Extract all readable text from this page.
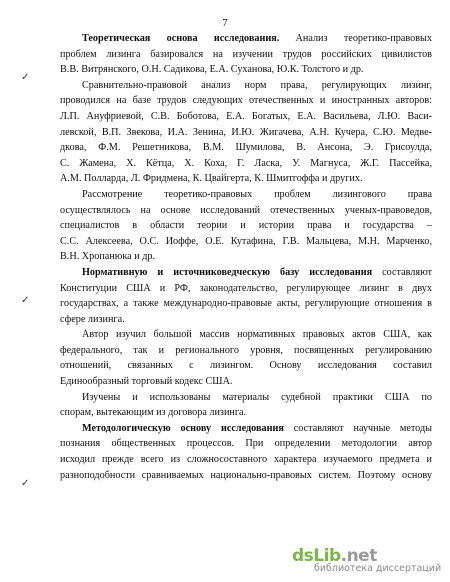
7
✓
✓
✓
Теоретическая основа исследования. Анализ теоретико-правовых
проблем лизинга базировался на изучении трудов российских цивилистов
В.В. Витрянского, О.Н. Садикова, Е.А. Суханова, Ю.К. Толстого и др.
Сравнительно-правовой анализ норм права, регулирующих лизинг,
проводился на базе трудов следующих отечественных и иностранных авторов:
Л.П. Ануфриевой, С.В. Боботова, Е.А. Богатых, Е.А. Васильева, Л.Ю. Васи-
левской, В.П. Звекова, И.А. Зенина, И.Ю. Жигачева, А.Н. Кучера, С.Ю. Медве-
дкова, Ф.М. Решетникова, В.М. Шумилова, В. Ансона, Э. Грисоулда,
С. Жамена, Х. Кётца, Х. Коха, Г. Ласка, У. Магнуса, Ж.Г. Пассейка,
А.М. Полларда, Л. Фридмена, К. Цвайгерта, К. Шмитгоффа и других.
Рассмотрение теоретико-правовых проблем лизингового права
осуществлялось на основе исследований отечественных ученых-правоведов,
специалистов в области теории и истории права и государства –
С.С. Алексеева, О.С. Иоффе, О.Е. Кутафина, Г.В. Мальцева, М.Н. Марченко,
В.Н. Хропанюка и др.
Нормативную и источниковедческую базу исследования составляют
Конституции США и РФ, законодательство, регулирующее лизинг в двух
государствах, а также международно-правовые акты, регулирующие отношения в
сфере лизинга.
Автор изучил большой массив нормативных правовых актов США, как
федерального, так и регионального уровня, посвященных регулированию
отношений, связанных с лизингом. Основу исследования составил
Единообразный торговый кодекс США.
Изучены и использованы материалы судебной практики США по
спорам, вытекающим из договора лизинга.
Методологическую основу исследования составляют научные методы
познания общественных процессов. При определении методологии автор
исходил прежде всего из сложносоставного характера изучаемого предмета и
разноподобности сравниваемых национально-правовых систем. Поэтому основу
dsLib.net
библиотека диссертаций
